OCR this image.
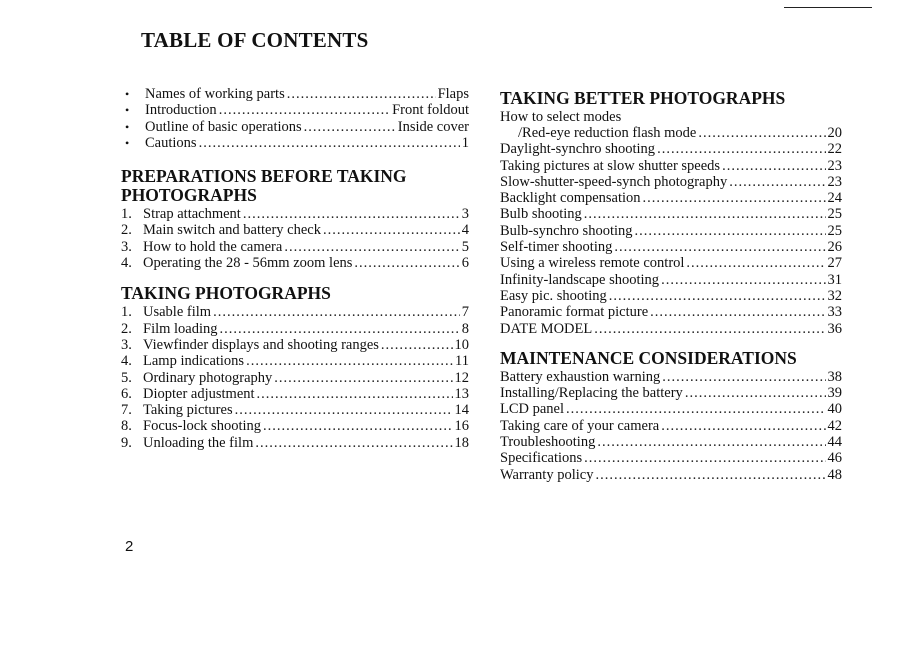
TABLE OF CONTENTS
•	Names of working parts .....	Flaps
•	Introduction .....	Front foldout
•	Outline of basic operations .....	Inside cover
•	Cautions .....	1
PREPARATIONS BEFORE TAKING
PHOTOGRAPHS
1. Strap attachment .....	3
2. Main switch and battery check .....	4
3. How to hold the camera .....	5
4. Operating the 28 - 56mm zoom lens .....	6
TAKING PHOTOGRAPHS
1. Usable film .....	7
2. Film loading .....	8
3. Viewfinder displays and shooting ranges .....	10
4. Lamp indications .....	11
5. Ordinary photography .....	12
6. Diopter adjustment .....	13
7. Taking pictures .....	14
8. Focus-lock shooting .....	16
9. Unloading the film .....	18
TAKING BETTER PHOTOGRAPHS
How to select modes
/Red-eye reduction flash mode .....	20
Daylight-synchro shooting .....	22
Taking pictures at slow shutter speeds .....	23
Slow-shutter-speed-synch photography .....	23
Backlight compensation .....	24
Bulb shooting .....	25
Bulb-synchro shooting .....	25
Self-timer shooting .....	26
Using a wireless remote control .....	27
Infinity-landscape shooting .....	31
Easy pic. shooting .....	32
Panoramic format picture .....	33
DATE MODEL .....	36
MAINTENANCE CONSIDERATIONS
Battery exhaustion warning .....	38
Installing/Replacing the battery .....	39
LCD panel .....	40
Taking care of your camera .....	42
Troubleshooting .....	44
Specifications .....	46
Warranty policy .....	48
2
